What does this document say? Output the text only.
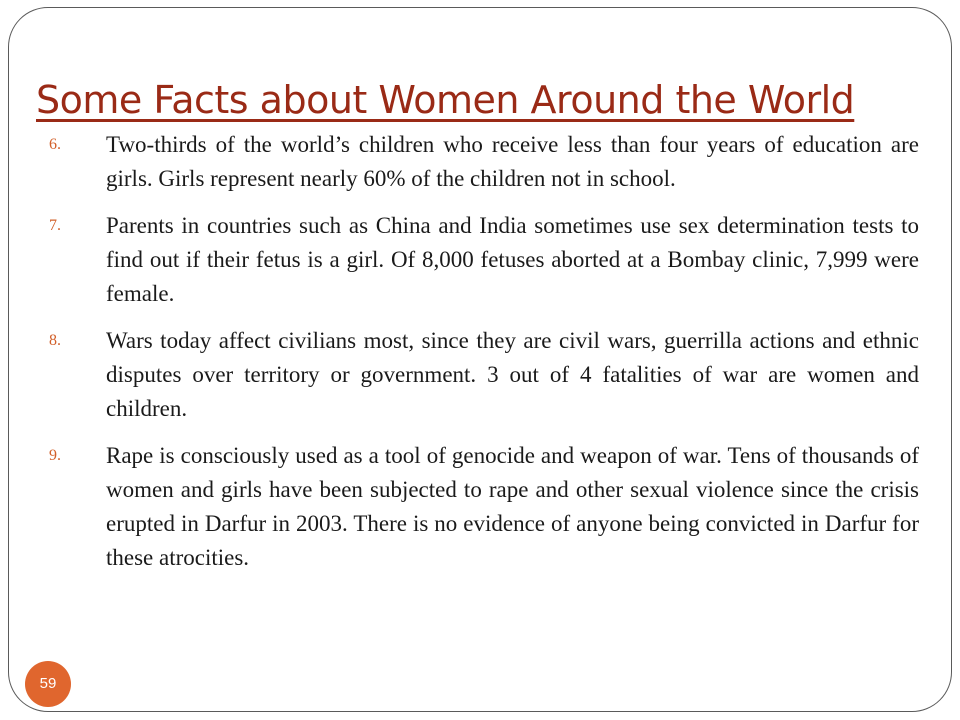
Some Facts about Women Around the World
6. Two-thirds of the world’s children who receive less than four years of education are girls. Girls represent nearly 60% of the children not in school.

7. Parents in countries such as China and India sometimes use sex determination tests to find out if their fetus is a girl. Of 8,000 fetuses aborted at a Bombay clinic, 7,999 were female.

8. Wars today affect civilians most, since they are civil wars, guerrilla actions and ethnic disputes over territory or government. 3 out of 4 fatalities of war are women and children.

9. Rape is consciously used as a tool of genocide and weapon of war. Tens of thousands of women and girls have been subjected to rape and other sexual violence since the crisis erupted in Darfur in 2003. There is no evidence of anyone being convicted in Darfur for these atrocities.

59
